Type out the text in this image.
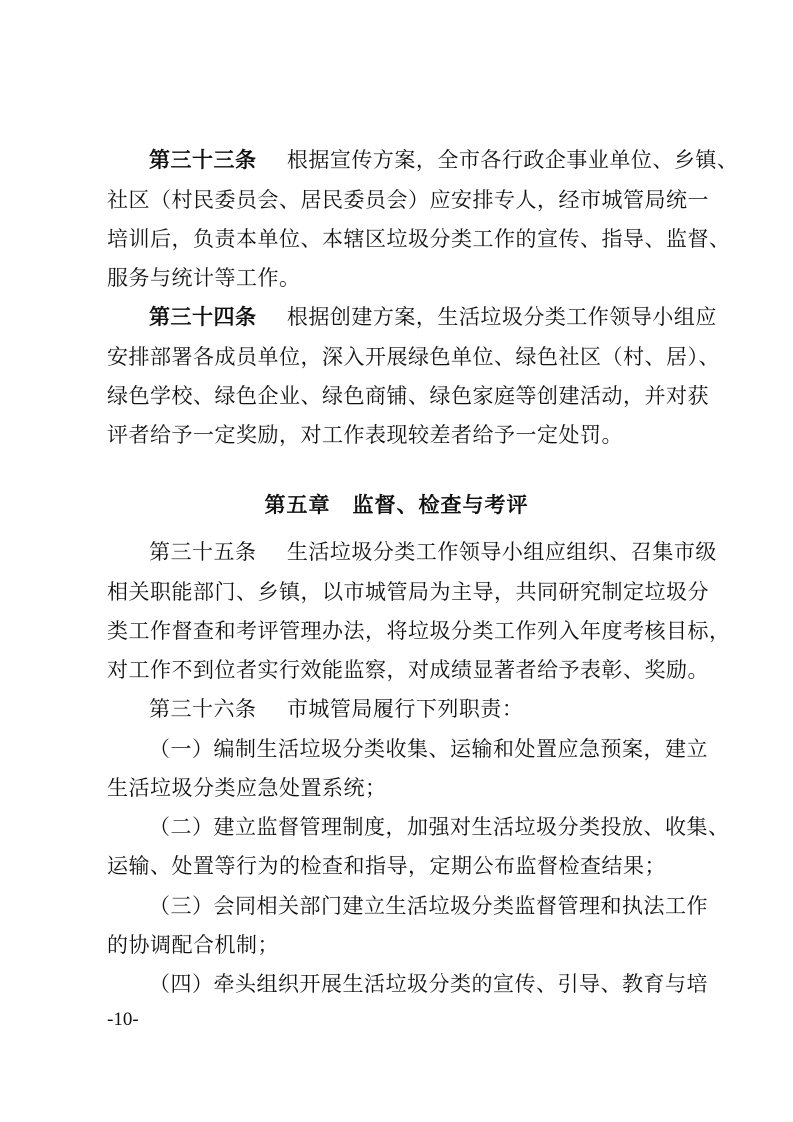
第三十三条 根据宣传方案，全市各行政企事业单位、乡镇、
社区（村民委员会、居民委员会）应安排专人，经市城管局统一
培训后，负责本单位、本辖区垃圾分类工作的宣传、指导、监督、
服务与统计等工作。
第三十四条 根据创建方案，生活垃圾分类工作领导小组应
安排部署各成员单位，深入开展绿色单位、绿色社区（村、居）、
绿色学校、绿色企业、绿色商铺、绿色家庭等创建活动，并对获
评者给予一定奖励，对工作表现较差者给予一定处罚。
第五章　监督、检查与考评
第三十五条 生活垃圾分类工作领导小组应组织、召集市级
相关职能部门、乡镇，以市城管局为主导，共同研究制定垃圾分
类工作督查和考评管理办法，将垃圾分类工作列入年度考核目标，
对工作不到位者实行效能监察，对成绩显著者给予表彰、奖励。
第三十六条 市城管局履行下列职责：
（一）编制生活垃圾分类收集、运输和处置应急预案，建立
生活垃圾分类应急处置系统；
（二）建立监督管理制度，加强对生活垃圾分类投放、收集、
运输、处置等行为的检查和指导，定期公布监督检查结果；
（三）会同相关部门建立生活垃圾分类监督管理和执法工作
的协调配合机制；
（四）牵头组织开展生活垃圾分类的宣传、引导、教育与培
-10-
